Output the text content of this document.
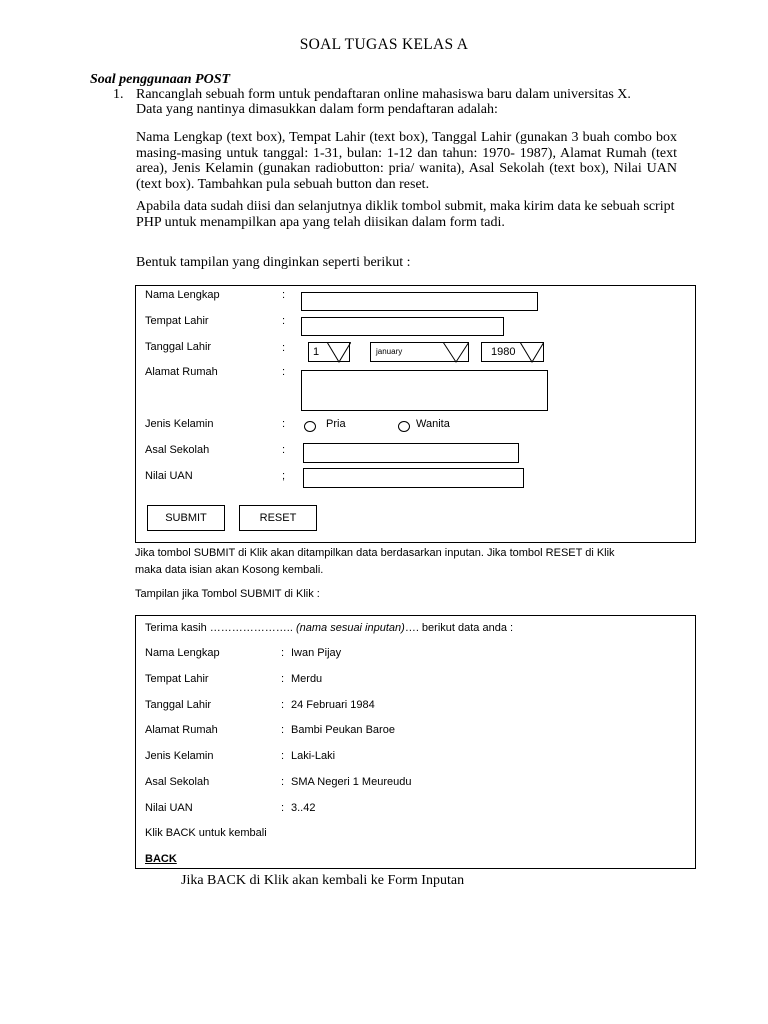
SOAL TUGAS KELAS A
Soal penggunaan POST
1. Rancanglah sebuah form untuk pendaftaran online mahasiswa baru dalam universitas X.
Data yang nantinya dimasukkan dalam form pendaftaran adalah:
Nama Lengkap (text box), Tempat Lahir (text box), Tanggal Lahir (gunakan 3 buah combo box masing-masing untuk tanggal: 1-31, bulan: 1-12 dan tahun: 1970- 1987), Alamat Rumah (text area), Jenis Kelamin (gunakan radiobutton: pria/ wanita), Asal Sekolah (text box), Nilai UAN (text box). Tambahkan pula sebuah button dan reset.
Apabila data sudah diisi dan selanjutnya diklik tombol submit, maka kirim data ke sebuah script PHP untuk menampilkan apa yang telah diisikan dalam form tadi.
Bentuk tampilan yang dinginkan seperti berikut :
Nama Lengkap	:
Tempat Lahir	:
Tanggal Lahir	:	1	january	1980
Alamat Rumah	:
Jenis Kelamin	:	Pria	Wanita
Asal Sekolah	:
Nilai UAN	;
SUBMIT	RESET
Jika tombol SUBMIT di Klik akan ditampilkan data berdasarkan inputan. Jika tombol RESET di Klik
maka data isian akan Kosong kembali.
Tampilan jika Tombol SUBMIT di Klik :
Terima kasih ………………….. (nama sesuai inputan)…. berikut data anda :
Nama Lengkap	: Iwan Pijay
Tempat Lahir	: Merdu
Tanggal Lahir	: 24 Februari 1984
Alamat Rumah	: Bambi Peukan Baroe
Jenis Kelamin	: Laki-Laki
Asal Sekolah	: SMA Negeri 1 Meureudu
Nilai UAN	: 3..42
Klik BACK untuk kembali
BACK
Jika BACK di Klik akan kembali ke Form Inputan
